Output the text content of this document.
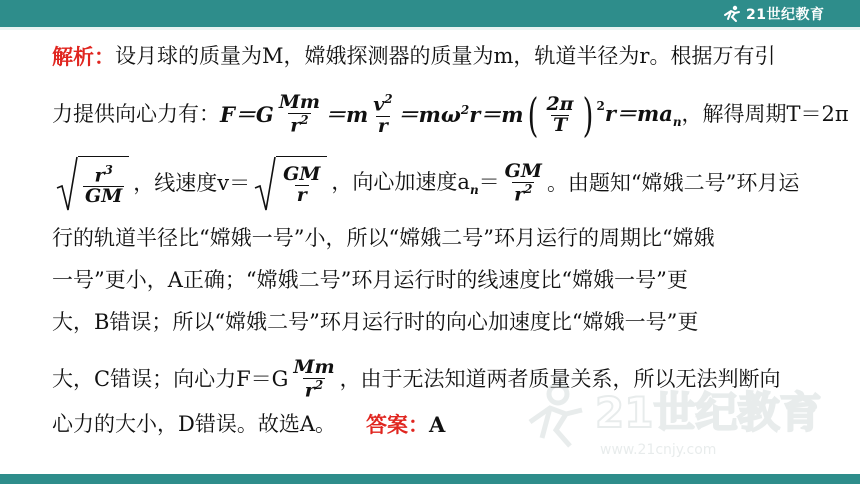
21世纪教育
21世纪教育
www.21cnjy.com
解析： 设月球的质量为M，嫦娥探测器的质量为m，轨道半径为r。根据万有引
力提供向心力有： $F=G \frac{Mm}{r^2} =m \frac{v^2}{r} =m\omega^2r=m$ ( $\frac{2\pi}{T}$ ) $^2$ $r=ma_n$ ，解得周期T＝2π
$\frac{r^3}{GM}$ ，线速度$v= \frac{GM}{r}$ ，向心加速度$a_n= \frac{GM}{r^2}$ 。由题知“嫦娥二号”环月运
行的轨道半径比“嫦娥一号”小，所以“嫦娥二号”环月运行的周期比“嫦娥
一号”更小，A正确；“嫦娥二号”环月运行时的线速度比“嫦娥一号”更
大，B错误；所以“嫦娥二号”环月运行时的向心加速度比“嫦娥一号”更
大，C错误；向心力$F=G \frac{Mm}{r^2}$ ，由于无法知道两者质量关系，所以无法判断向
心力的大小，D错误。故选A。 答案： A
